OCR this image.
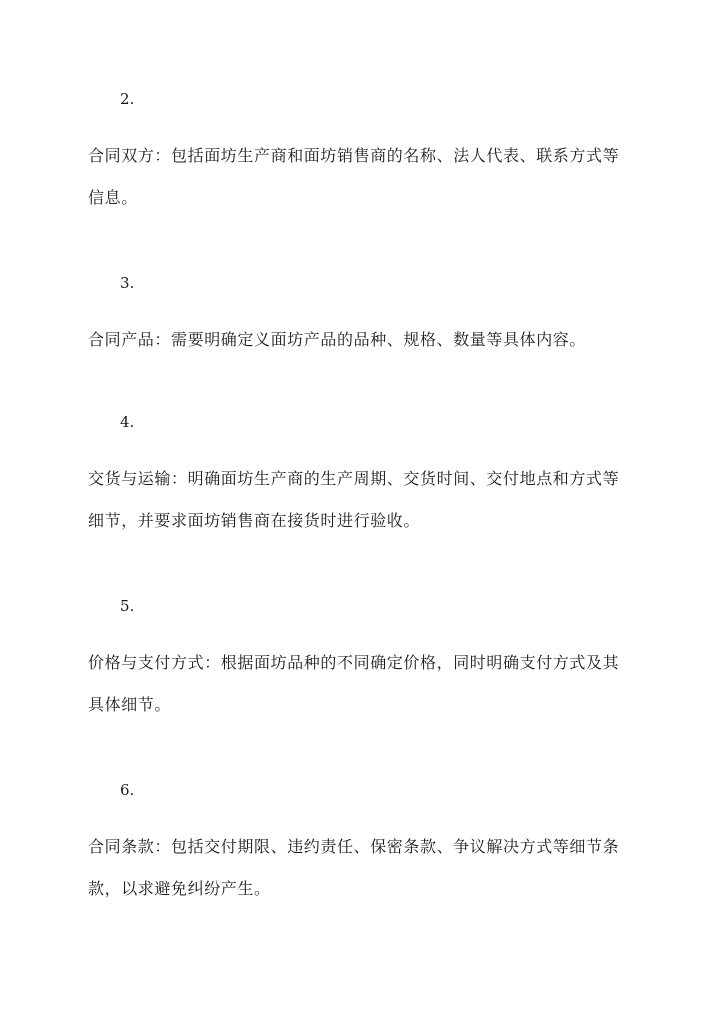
2.
合同双方：包括面坊生产商和面坊销售商的名称、法人代表、联系方式等
信息。
3.
合同产品：需要明确定义面坊产品的品种、规格、数量等具体内容。
4.
交货与运输：明确面坊生产商的生产周期、交货时间、交付地点和方式等
细节，并要求面坊销售商在接货时进行验收。
5.
价格与支付方式：根据面坊品种的不同确定价格，同时明确支付方式及其
具体细节。
6.
合同条款：包括交付期限、违约责任、保密条款、争议解决方式等细节条
款，以求避免纠纷产生。
